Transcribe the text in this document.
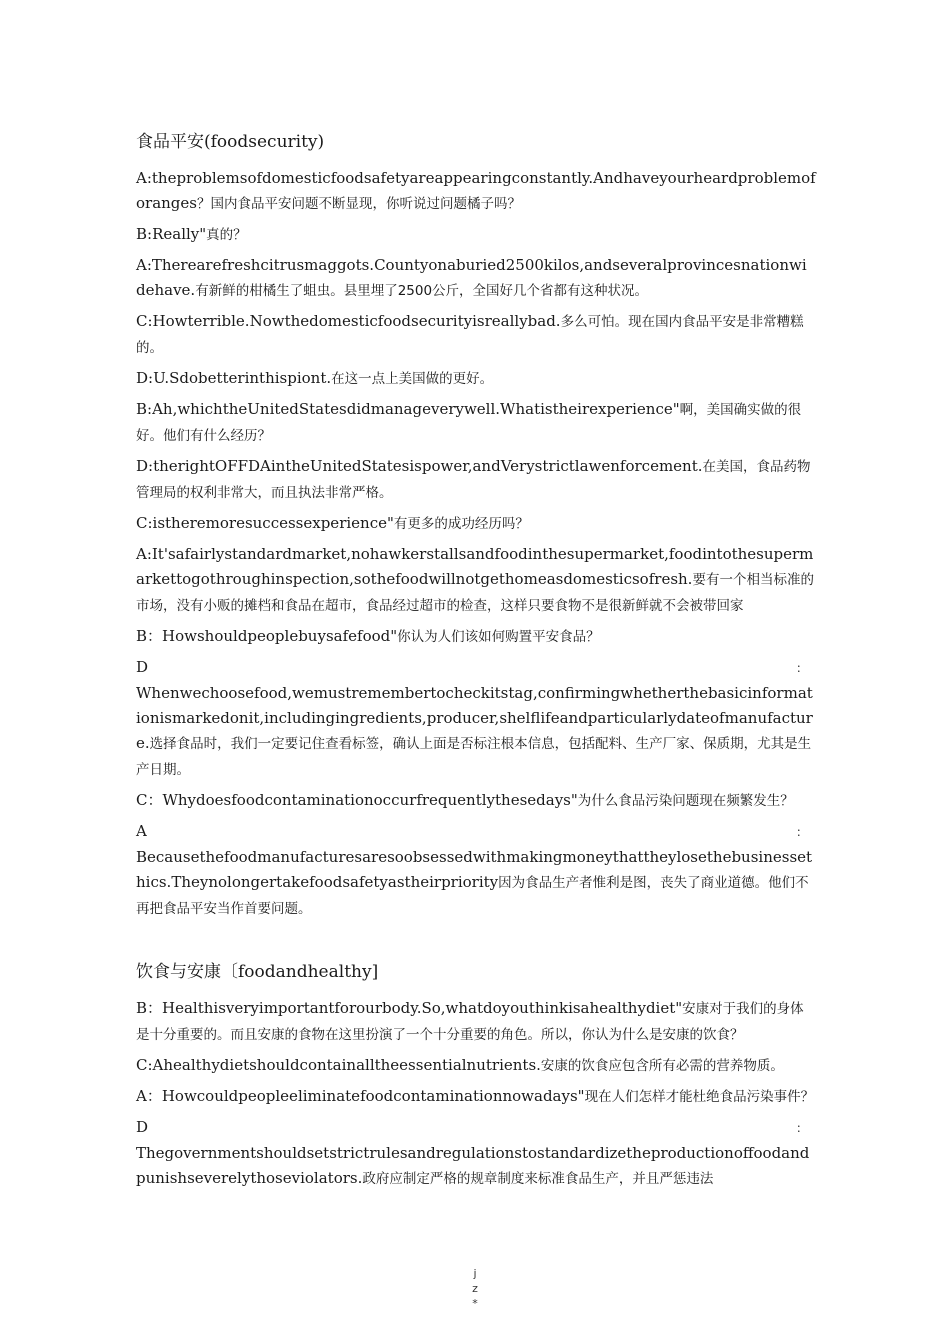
食品平安(foodsecurity)

A:theproblemsofdomesticfoodsafetyareappearingconstantly.Andhaveyourheardproblemoforanges？国内食品平安问题不断显现，你听说过问题橘子吗？

B:Really"真的？

A:Therearefreshcitrusmaggots.Countyonaburied2500kilos,andseveralprovincesnationwidehave.有新鲜的柑橘生了蛆虫。县里埋了2500公斤，全国好几个省都有这种状况。

C:Howterrible.Nowthedomesticfoodsecurityisreallybad.多么可怕。现在国内食品平安是非常糟糕的。

D:U.Sdobetterinthispiont.在这一点上美国做的更好。

B:Ah,whichtheUnitedStatesdidmanageverywell.Whatistheirexperience"啊，美国确实做的很好。他们有什么经历？

D:therightOFFDAintheUnitedStatesispower,andVerystrictlawenforcement.在美国，食品药物管理局的权利非常大，而且执法非常严格。

C:istheremoresuccessexperience"有更多的成功经历吗？

A:It'safairlystandardmarket,nohawkerstallsandfoodinthesupermarket,foodintothesupermarkettogothroughinspection,sothefoodwillnotgethomeasdomesticsofresh.要有一个相当标准的市场，没有小贩的摊档和食品在超市，食品经过超市的检查，这样只要食物不是很新鲜就不会被带回家

B：Howshouldpeoplebuysafefood"你认为人们该如何购置平安食品？

D	：

Whenwechoosefood,wemustremembertocheckitstag,confirmingwhetherthebasicinformationismarkedonit,includingingredients,producer,shelflifeandparticularlydateofmanufacture.选择食品时，我们一定要记住查看标签，确认上面是否标注根本信息，包括配料、生产厂家、保质期，尤其是生产日期。

C：Whydoesfoodcontaminationoccurfrequentlythesedays"为什么食品污染问题现在频繁发生？

A	：

Becausethefoodmanufacturesaresoobsessedwithmakingmoneythattheylosethebusinessethics.Theynolongertakefoodsafetyastheirpriority因为食品生产者惟利是图，丧失了商业道德。他们不再把食品平安当作首要问题。

饮食与安康〔foodandhealthy]

B：Healthisveryimportantforourbody.So,whatdoyouthinkisahealthydiet"安康对于我们的身体是十分重要的。而且安康的食物在这里扮演了一个十分重要的角色。所以，你认为什么是安康的饮食？

C:Ahealthydietshouldcontainalltheessentialnutrients.安康的饮食应包含所有必需的营养物质。

A：Howcouldpeopleeliminatefoodcontaminationnowadays"现在人们怎样才能杜绝食品污染事件？

D	：

Thegovernmentshouldsetstrictrulesandregulationstostandardizetheproductionoffoodandpunishseverelythoseviolators.政府应制定严格的规章制度来标准食品生产，并且严惩违法

j
z
*
